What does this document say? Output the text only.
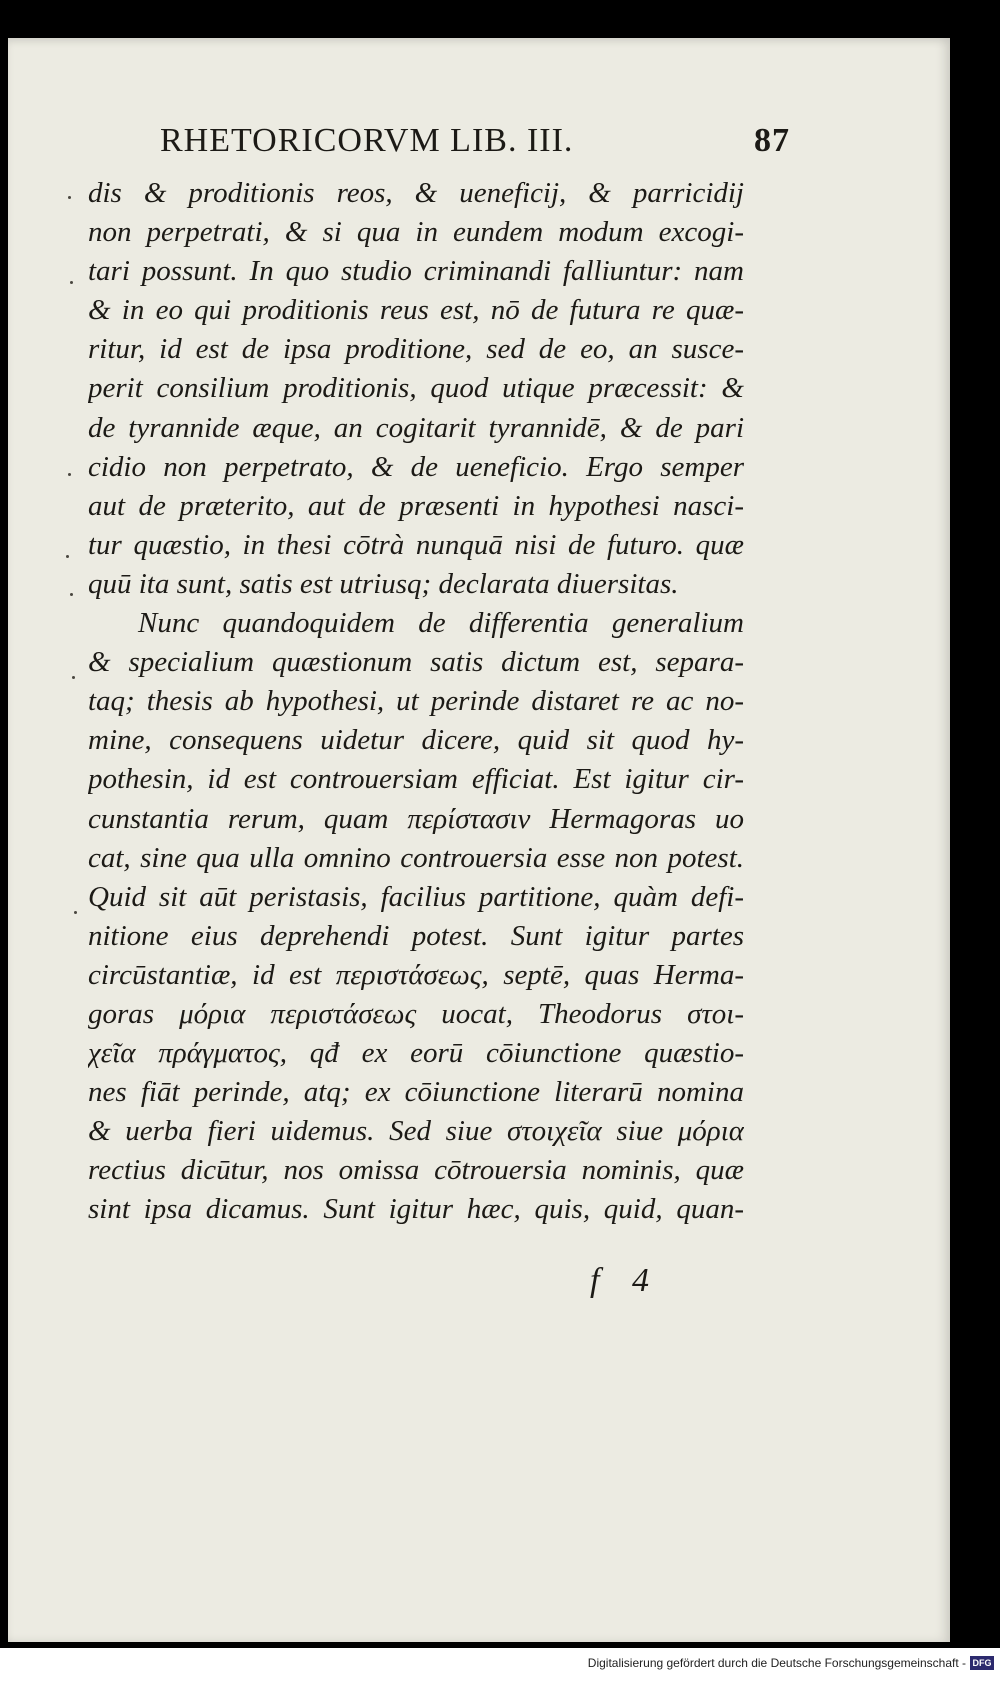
RHETORICORVM LIB. III.	87
dis & proditionis reos, & ueneficij, & parricidij
non perpetrati, & si qua in eundem modum excogi-
tari possunt. In quo studio criminandi falliuntur: nam
& in eo qui proditionis reus est, nō de futura re quæ-
ritur, id est de ipsa proditione, sed de eo, an susce-
perit consilium proditionis, quod utique præcessit: &
de tyrannide æque, an cogitarit tyrannidē, & de pari
cidio non perpetrato, & de ueneficio. Ergo semper
aut de præterito, aut de præsenti in hypothesi nasci-
tur quæstio, in thesi cōtrà nunquā nisi de futuro. quæ
quū ita sunt, satis est utriusq; declarata diuersitas.
Nunc quandoquidem de differentia generalium
& specialium quæstionum satis dictum est, separa-
taq; thesis ab hypothesi, ut perinde distaret re ac no-
mine, consequens uidetur dicere, quid sit quod hy-
pothesin, id est controuersiam efficiat. Est igitur cir-
cunstantia rerum, quam περίστασιν Hermagoras uo
cat, sine qua ulla omnino controuersia esse non potest.
Quid sit aūt peristasis, facilius partitione, quàm defi-
nitione eius deprehendi potest. Sunt igitur partes
circūstantiæ, id est περιστάσεως, septē, quas Herma-
goras μόρια περιστάσεως uocat, Theodorus στοι-
χεῖα πράγματος, qđ ex eorū cōiunctione quæstio-
nes fiāt perinde, atq; ex cōiunctione literarū nomina
& uerba fieri uidemus. Sed siue στοιχεῖα siue μόρια
rectius dicūtur, nos omissa cōtrouersia nominis, quæ
sint ipsa dicamus. Sunt igitur hæc, quis, quid, quan-
f 4
Digitalisierung gefördert durch die Deutsche Forschungsgemeinschaft - DFG
